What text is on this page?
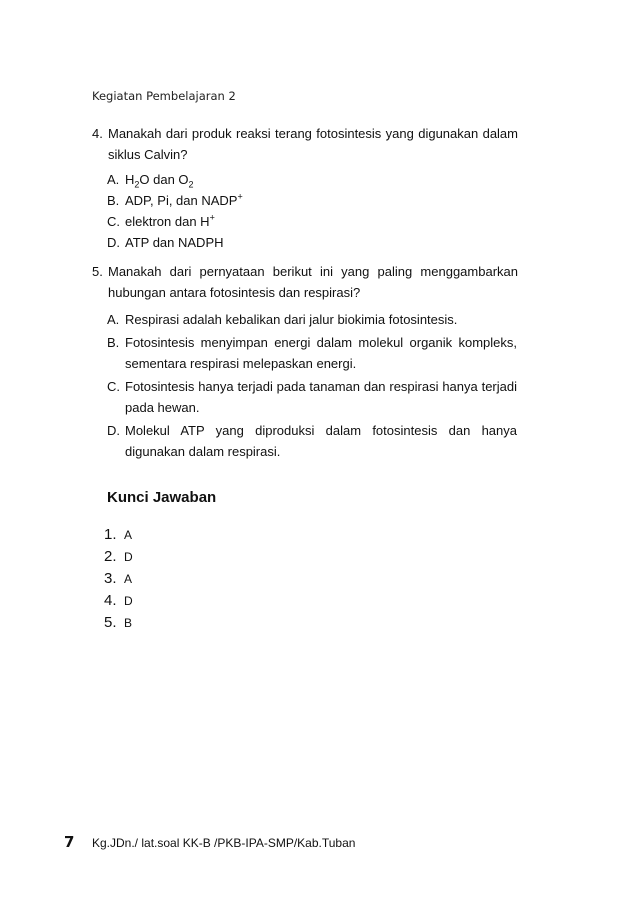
Kegiatan Pembelajaran 2
4. Manakah dari produk reaksi terang fotosintesis yang digunakan dalam siklus Calvin?
A. $H_2O$ dan $O_2$
B. ADP, Pi, dan NADP+
C. elektron dan H+
D. ATP dan NADPH
5. Manakah dari pernyataan berikut ini yang paling menggambarkan hubungan antara fotosintesis dan respirasi?
A. Respirasi adalah kebalikan dari jalur biokimia fotosintesis.
B. Fotosintesis menyimpan energi dalam molekul organik kompleks, sementara respirasi melepaskan energi.
C. Fotosintesis hanya terjadi pada tanaman dan respirasi hanya terjadi pada hewan.
D. Molekul ATP yang diproduksi dalam fotosintesis dan hanya digunakan dalam respirasi.
Kunci Jawaban
1. A
2. D
3. A
4. D
5. B
7 Kg.JDn./ lat.soal KK-B /PKB-IPA-SMP/Kab.Tuban
